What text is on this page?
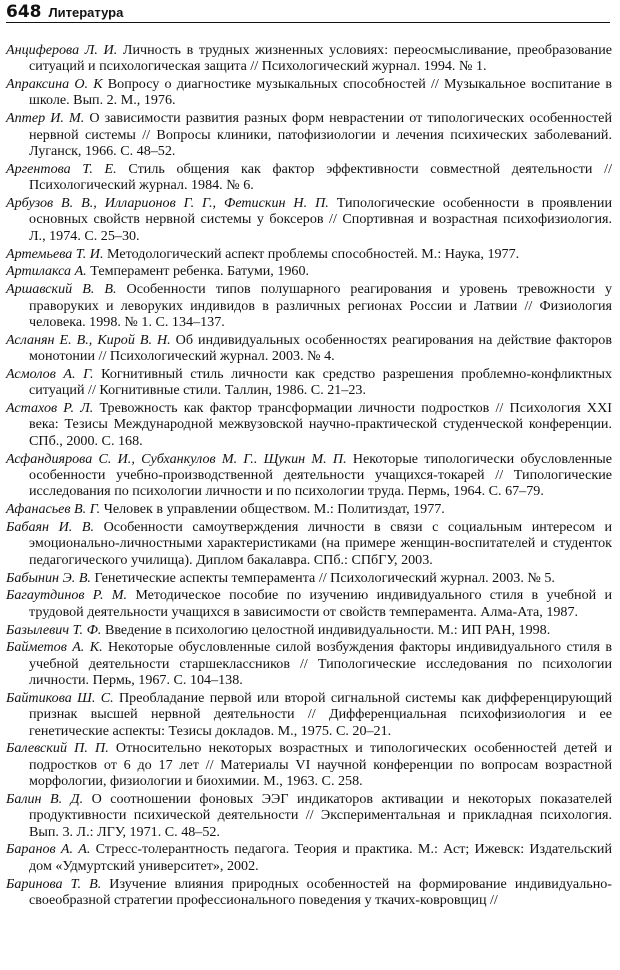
648 Литература
Анциферова Л. И. Личность в трудных жизненных условиях: переосмысливание, преобразование ситуаций и психологическая защита // Психологический журнал. 1994. № 1.
Апраксина О. К Вопросу о диагностике музыкальных способностей // Музыкальное воспитание в школе. Вып. 2. М., 1976.
Аптер И. М. О зависимости развития разных форм неврастении от типологических особенностей нервной системы // Вопросы клиники, патофизиологии и лечения психических заболеваний. Луганск, 1966. С. 48–52.
Аргентова Т. Е. Стиль общения как фактор эффективности совместной деятельности // Психологический журнал. 1984. № 6.
Арбузов В. В., Илларионов Г. Г., Фетискин Н. П. Типологические особенности в проявлении основных свойств нервной системы у боксеров // Спортивная и возрастная психофизиология. Л., 1974. С. 25–30.
Артемьева Т. И. Методологический аспект проблемы способностей. М.: Наука, 1977.
Артилакса А. Темперамент ребенка. Батуми, 1960.
Аршавский В. В. Особенности типов полушарного реагирования и уровень тревожности у праворуких и леворуких индивидов в различных регионах России и Латвии // Физиология человека. 1998. № 1. С. 134–137.
Асланян Е. В., Кирой В. Н. Об индивидуальных особенностях реагирования на действие факторов монотонии // Психологический журнал. 2003. № 4.
Асмолов А. Г. Когнитивный стиль личности как средство разрешения проблемно-конфликтных ситуаций // Когнитивные стили. Таллин, 1986. С. 21–23.
Астахов Р. Л. Тревожность как фактор трансформации личности подростков // Психология XXI века: Тезисы Международной межвузовской научно-практической студенческой конференции. СПб., 2000. С. 168.
Асфандиярова С. И., Субханкулов М. Г.. Щукин М. П. Некоторые типологически обусловленные особенности учебно-производственной деятельности учащихся-токарей // Типологические исследования по психологии личности и по психологии труда. Пермь, 1964. С. 67–79.
Афанасьев В. Г. Человек в управлении обществом. М.: Политиздат, 1977.
Бабаян И. В. Особенности самоутверждения личности в связи с социальным интересом и эмоционально-личностными характеристиками (на примере женщин-воспитателей и студенток педагогического училища). Диплом бакалавра. СПб.: СПбГУ, 2003.
Бабынин Э. В. Генетические аспекты темперамента // Психологический журнал. 2003. № 5.
Багаутдинов Р. М. Методическое пособие по изучению индивидуального стиля в учебной и трудовой деятельности учащихся в зависимости от свойств темперамента. Алма-Ата, 1987.
Базылевич Т. Ф. Введение в психологию целостной индивидуальности. М.: ИП РАН, 1998.
Байметов А. К. Некоторые обусловленные силой возбуждения факторы индивидуального стиля в учебной деятельности старшеклассников // Типологические исследования по психологии личности. Пермь, 1967. С. 104–138.
Байтикова Ш. С. Преобладание первой или второй сигнальной системы как дифференцирующий признак высшей нервной деятельности // Дифференциальная психофизиология и ее генетические аспекты: Тезисы докладов. М., 1975. С. 20–21.
Балевский П. П. Относительно некоторых возрастных и типологических особенностей детей и подростков от 6 до 17 лет // Материалы VI научной конференции по вопросам возрастной морфологии, физиологии и биохимии. М., 1963. С. 258.
Балин В. Д. О соотношении фоновых ЭЭГ индикаторов активации и некоторых показателей продуктивности психической деятельности // Экспериментальная и прикладная психология. Вып. 3. Л.: ЛГУ, 1971. С. 48–52.
Баранов А. А. Стресс-толерантность педагога. Теория и практика. М.: Аст; Ижевск: Издательский дом «Удмуртский университет», 2002.
Баринова Т. В. Изучение влияния природных особенностей на формирование индивидуально-своеобразной стратегии профессионального поведения у ткачих-ковровщиц //
